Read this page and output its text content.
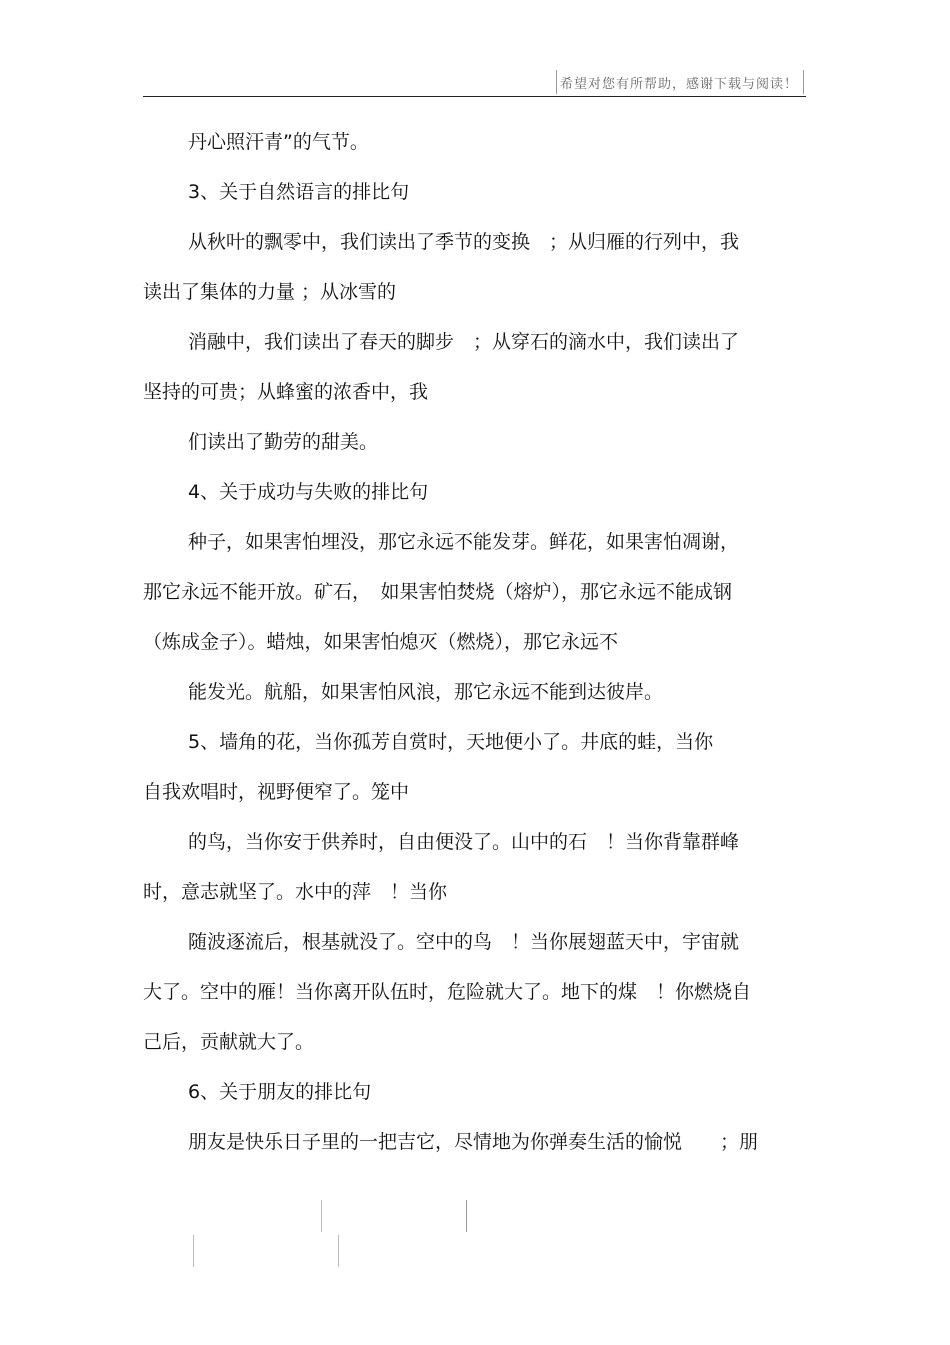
希望对您有所帮助，感谢下载与阅读！
丹心照汗青”的气节。
3、关于自然语言的排比句
从秋叶的飘零中，我们读出了季节的变换　；从归雁的行列中，我
读出了集体的力量 ；从冰雪的
消融中，我们读出了春天的脚步　；从穿石的滴水中，我们读出了
坚持的可贵；从蜂蜜的浓香中，我
们读出了勤劳的甜美。
4、关于成功与失败的排比句
种子，如果害怕埋没，那它永远不能发芽。鲜花，如果害怕凋谢，
那它永远不能开放。矿石，　如果害怕焚烧（熔炉），那它永远不能成钢
（炼成金子）。蜡烛，如果害怕熄灭（燃烧），那它永远不
能发光。航船，如果害怕风浪，那它永远不能到达彼岸。
5、墙角的花，当你孤芳自赏时，天地便小了。井底的蛙，当你
自我欢唱时，视野便窄了。笼中
的鸟，当你安于供养时，自由便没了。山中的石　！当你背靠群峰
时，意志就坚了。水中的萍　！当你
随波逐流后，根基就没了。空中的鸟　！当你展翅蓝天中，宇宙就
大了。空中的雁！当你离开队伍时，危险就大了。地下的煤　！你燃烧自
己后，贡献就大了。
6、关于朋友的排比句
朋友是快乐日子里的一把吉它，尽情地为你弹奏生活的愉悦　　；朋
